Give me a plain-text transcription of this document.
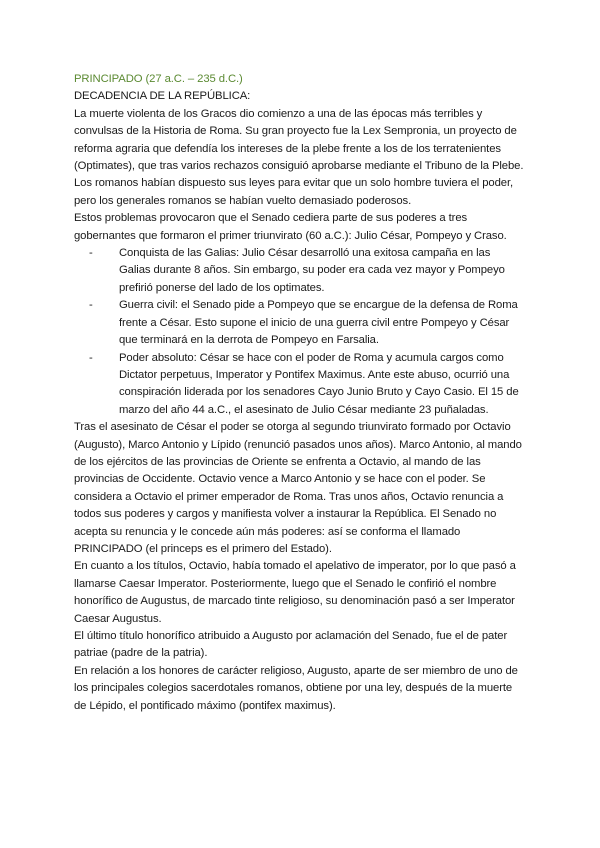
PRINCIPADO (27 a.C. – 235 d.C.)

DECADENCIA DE LA REPÚBLICA:

La muerte violenta de los Gracos dio comienzo a una de las épocas más terribles y convulsas de la Historia de Roma. Su gran proyecto fue la Lex Sempronia, un proyecto de reforma agraria que defendía los intereses de la plebe frente a los de los terratenientes (Optimates), que tras varios rechazos consiguió aprobarse mediante el Tribuno de la Plebe.

Los romanos habían dispuesto sus leyes para evitar que un solo hombre tuviera el poder, pero los generales romanos se habían vuelto demasiado poderosos.

Estos problemas provocaron que el Senado cediera parte de sus poderes a tres gobernantes que formaron el primer triunvirato (60 a.C.): Julio César, Pompeyo y Craso.

- Conquista de las Galias: Julio César desarrolló una exitosa campaña en las Galias durante 8 años. Sin embargo, su poder era cada vez mayor y Pompeyo prefirió ponerse del lado de los optimates.
- Guerra civil: el Senado pide a Pompeyo que se encargue de la defensa de Roma frente a César. Esto supone el inicio de una guerra civil entre Pompeyo y César que terminará en la derrota de Pompeyo en Farsalia.
- Poder absoluto: César se hace con el poder de Roma y acumula cargos como Dictator perpetuus, Imperator y Pontifex Maximus. Ante este abuso, ocurrió una conspiración liderada por los senadores Cayo Junio Bruto y Cayo Casio. El 15 de marzo del año 44 a.C., el asesinato de Julio César mediante 23 puñaladas.

Tras el asesinato de César el poder se otorga al segundo triunvirato formado por Octavio (Augusto), Marco Antonio y Lípido (renunció pasados unos años). Marco Antonio, al mando de los ejércitos de las provincias de Oriente se enfrenta a Octavio, al mando de las provincias de Occidente. Octavio vence a Marco Antonio y se hace con el poder. Se considera a Octavio el primer emperador de Roma. Tras unos años, Octavio renuncia a todos sus poderes y cargos y manifiesta volver a instaurar la República. El Senado no acepta su renuncia y le concede aún más poderes: así se conforma el llamado PRINCIPADO (el princeps es el primero del Estado).

En cuanto a los títulos, Octavio, había tomado el apelativo de imperator, por lo que pasó a llamarse Caesar Imperator. Posteriormente, luego que el Senado le confirió el nombre honorífico de Augustus, de marcado tinte religioso, su denominación pasó a ser Imperator Caesar Augustus.

El último título honorífico atribuido a Augusto por aclamación del Senado, fue el de pater patriae (padre de la patria).

En relación a los honores de carácter religioso, Augusto, aparte de ser miembro de uno de los principales colegios sacerdotales romanos, obtiene por una ley, después de la muerte de Lépido, el pontificado máximo (pontifex maximus).
